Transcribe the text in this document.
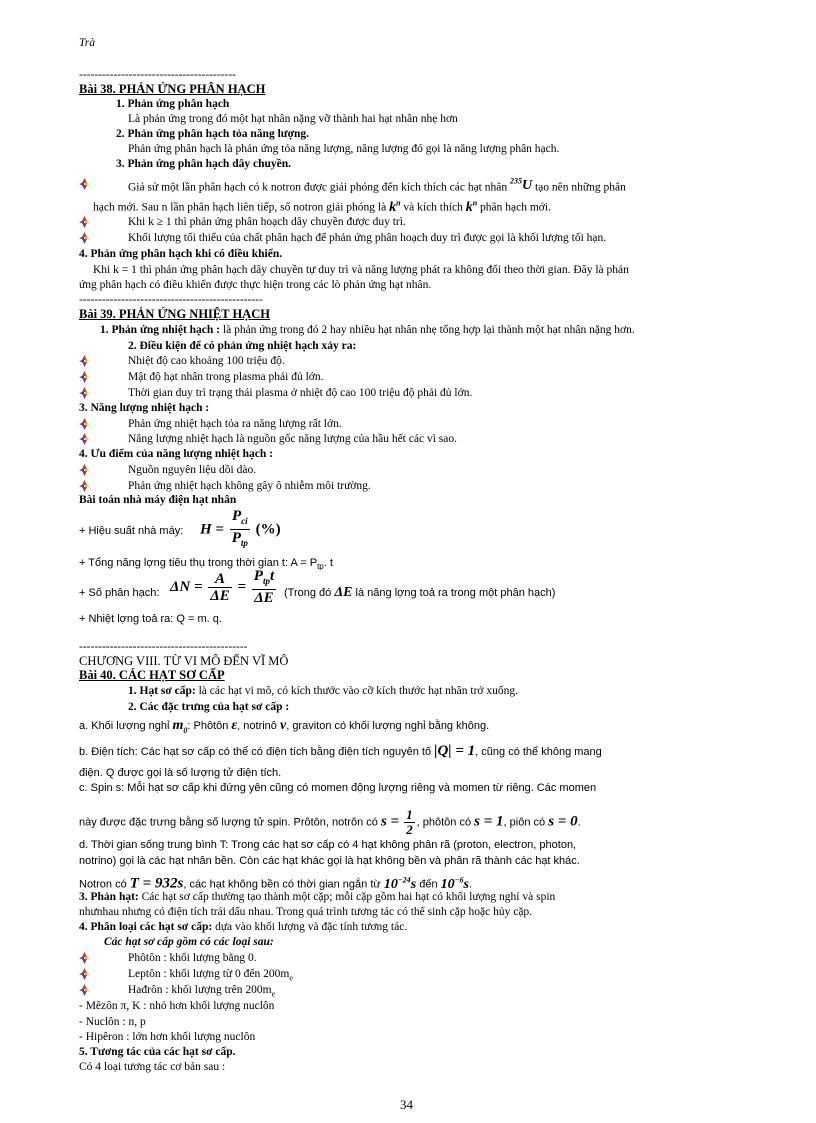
Trà
-----------------------------------------
Bài 38. PHẢN ỨNG PHÂN HẠCH
1. Phản ứng phân hạch
Là phản ứng trong đó một hạt nhân nặng vỡ thành hai hạt nhân nhẹ hơn
2. Phản ứng phân hạch tỏa năng lượng.
Phản ứng phân hạch là phản ứng tỏa năng lượng, năng lượng đó gọi là năng lượng phân hạch.
3. Phản ứng phân hạch dây chuyền.
Giả sử một lần phân hạch có k notron được giải phóng đến kích thích các hạt nhân $^{235}$U tạo nên những phân
hạch mới. Sau n lần phân hạch liên tiếp, số notron giải phóng là $k^n$ và kích thích $k^n$ phân hạch mới.
Khi k ≥ 1 thì phản ứng phân hoạch dây chuyền được duy trì.
Khối lượng tối thiểu của chất phân hạch để phản ứng phân hoạch duy trì được gọi là khối lượng tối hạn.
4. Phản ứng phân hạch khi có điều khiển.
Khi k = 1 thì phản ứng phân hạch dây chuyền tự duy trì và năng lượng phát ra không đổi theo thời gian. Đây là phản
ứng phân hạch có điều khiển được thực hiện trong các lò phản ứng hạt nhân.
------------------------------------------------
Bài 39. PHẢN ỨNG NHIỆT HẠCH
1. Phản ứng nhiệt hạch : là phản ứng trong đó 2 hay nhiều hạt nhân nhẹ tổng hợp lại thành một hạt nhân nặng hơn.
2. Điều kiện để có phản ứng nhiệt hạch xảy ra:
Nhiệt độ cao khoảng 100 triệu độ.
Mật độ hạt nhân trong plasma phải đủ lớn.
Thời gian duy trì trạng thái plasma ở nhiệt độ cao 100 triệu độ phải đủ lớn.
3. Năng lượng nhiệt hạch :
Phản ứng nhiệt hạch tỏa ra năng lượng rất lớn.
Năng lượng nhiệt hạch là nguồn gốc năng lượng của hầu hết các vì sao.
4. Ưu điểm của năng lượng nhiệt hạch :
Nguồn nguyên liệu dồi dào.
Phản ứng nhiệt hạch không gây ô nhiễm môi trường.
Bài toán nhà máy điện hạt nhân
+ Hiệu suất nhà máy: $H = \frac{P_{ci}}{P_{tp}}$ (%)
+ Tổng năng lợng tiêu thụ trong thời gian t: $A = P_{tp}$. t
+ Số phân hạch: $\Delta N = \frac{A}{\Delta E} = \frac{P_{tp}t}{\Delta E}$ (Trong đó ΔE là năng lợng toả ra trong một phân hạch)
+ Nhiệt lợng toả ra: Q = m. q.
--------------------------------------------
CHƯƠNG VIII. TỪ VI MÔ ĐẾN VĨ MÔ
Bài 40. CÁC HẠT SƠ CẤP
1. Hạt sơ cấp: là các hạt vi mô, có kích thước vào cỡ kích thước hạt nhân trở xuống.
2. Các đặc trưng của hạt sơ cấp :
a. Khối lượng nghỉ $m_0$: Phôtôn ε, notrinô ν, graviton có khối lượng nghỉ bằng không.
b. Điện tích: Các hạt sơ cấp có thể có điện tích bằng điện tích nguyên tố |Q| = 1, cũng có thể không mang
điện. Q được gọi là số lượng tử điện tích.
c. Spin s: Mỗi hạt sơ cấp khi đứng yên cũng có momen động lượng riêng và momen từ riêng. Các momen
này được đặc trưng bằng số lượng tử spin. Prôtôn, notrôn có $s = \frac{1}{2}$ , phôtôn có s = 1, piôn có s = 0.
d. Thời gian sống trung bình T: Trong các hạt sơ cấp có 4 hạt không phân rã (proton, electron, photon,
notrino) gọi là các hạt nhân bền. Còn các hạt khác gọi là hạt không bền và phân rã thành các hạt khác.
Notron có T = 932s, các hạt không bền có thời gian ngắn từ $10^{-24}s$ đến $10^{-6}s$.
3. Phản hạt: Các hạt sơ cấp thường tạo thành một cặp; mỗi cặp gồm hai hạt có khối lượng nghỉ và spin
nhưnhau nhưng có điện tích trái dấu nhau. Trong quá trình tương tác có thể sinh cặp hoặc hủy cặp.
4. Phân loại các hạt sơ cấp: dựa vào khối lượng và đặc tính tương tác.
Các hạt sơ cấp gồm có các loại sau:
Phôtôn : khối lượng bằng 0.
Leptôn : khối lượng từ 0 đến $200m_e$
Hađrôn : khối lượng trên $200m_e$
- Mêzôn π, K : nhỏ hơn khối lượng nuclôn
- Nuclôn : n, p
- Hipêron : lớn hơn khối lượng nuclôn
5. Tương tác của các hạt sơ cấp.
Có 4 loại tương tác cơ bản sau :
34
